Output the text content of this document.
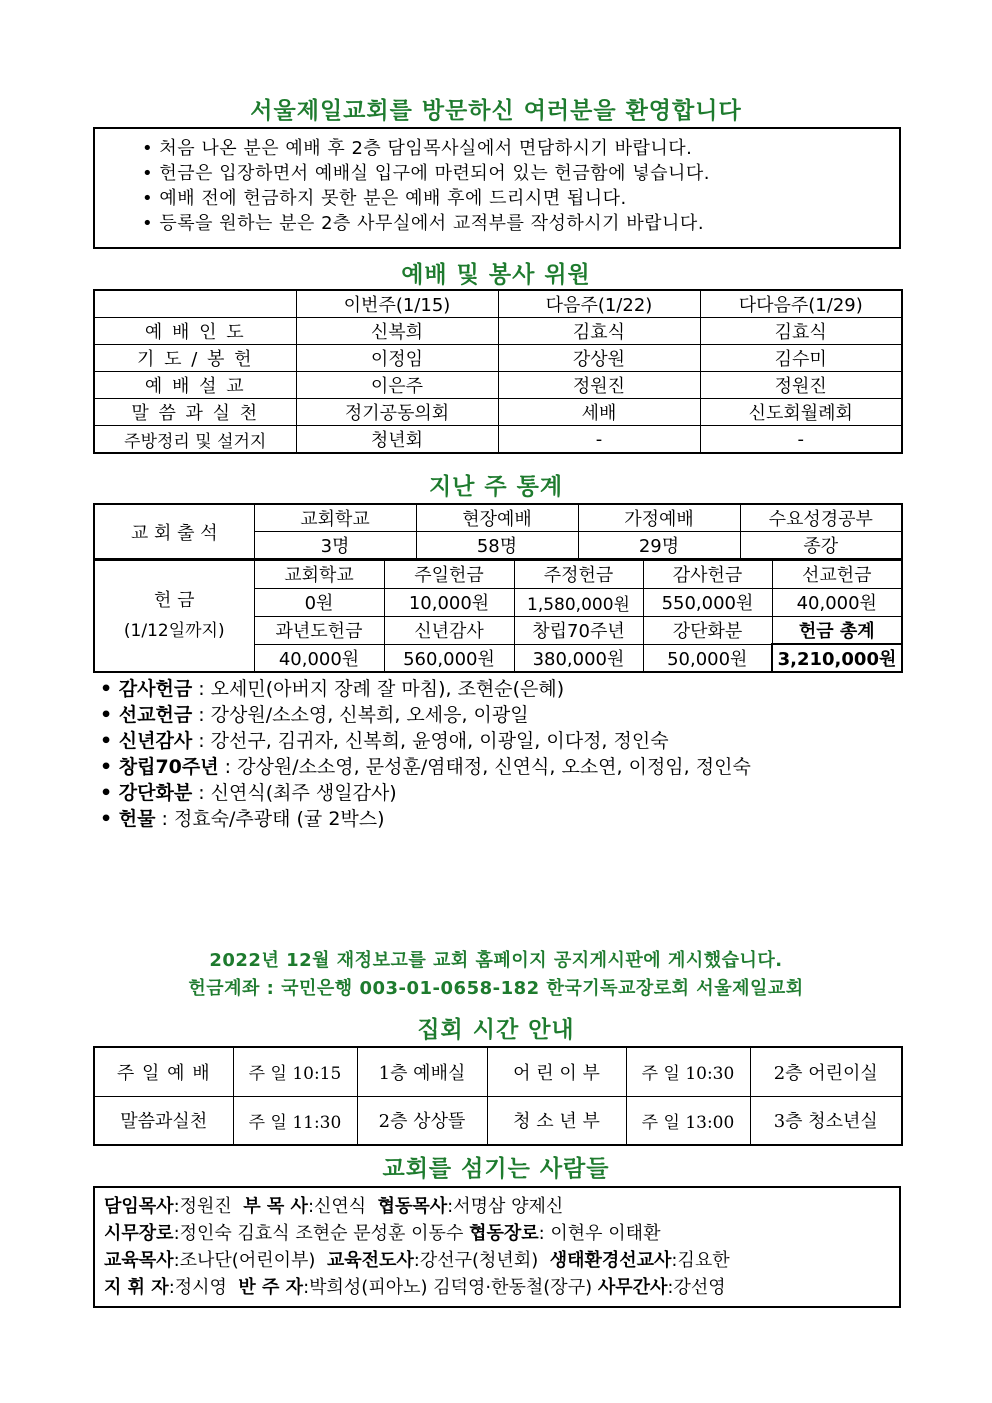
서울제일교회를 방문하신 여러분을 환영합니다
• 처음 나온 분은 예배 후 2층 담임목사실에서 면담하시기 바랍니다.
• 헌금은 입장하면서 예배실 입구에 마련되어 있는 헌금함에 넣습니다.
• 예배 전에 헌금하지 못한 분은 예배 후에 드리시면 됩니다.
• 등록을 원하는 분은 2층 사무실에서 교적부를 작성하시기 바랍니다.
예배 및 봉사 위원
	이번주(1/15)	다음주(1/22)	다다음주(1/29)
예 배 인 도	신복희	김효식	김효식
기 도 / 봉 헌	이정임	강상원	김수미
예 배 설 교	이은주	정원진	정원진
말 씀 과 실 천	정기공동의회	세배	신도회월례회
주방정리 및 설거지	청년회	-	-
지난 주 통계
교 회 출 석	교회학교	현장예배	가정예배	수요성경공부
	3명	58명	29명	종강
헌 금
(1/12일까지)	교회학교	주일헌금	주정헌금	감사헌금	선교헌금
	0원	10,000원	1,580,000원	550,000원	40,000원
	과년도헌금	신년감사	창립70주년	강단화분	헌금 총계
	40,000원	560,000원	380,000원	50,000원	3,210,000원
• 감사헌금 : 오세민(아버지 장례 잘 마침), 조현순(은혜)
• 선교헌금 : 강상원/소소영, 신복희, 오세응, 이광일
• 신년감사 : 강선구, 김귀자, 신복희, 윤영애, 이광일, 이다정, 정인숙
• 창립70주년 : 강상원/소소영, 문성훈/염태정, 신연식, 오소연, 이정임, 정인숙
• 강단화분 : 신연식(최주 생일감사)
• 헌물 : 정효숙/추광태 (귤 2박스)
2022년 12월 재정보고를 교회 홈페이지 공지게시판에 게시했습니다.
헌금계좌 : 국민은행 003-01-0658-182 한국기독교장로회 서울제일교회
집회 시간 안내
주 일 예 배	주 일 10:15	1층 예배실	어 린 이 부	주 일 10:30	2층 어린이실
말씀과실천	주 일 11:30	2층 상상뜰	청 소 년 부	주 일 13:00	3층 청소년실
교회를 섬기는 사람들
담임목사:정원진  부 목 사:신연식  협동목사:서명삼 양제신
시무장로:정인숙 김효식 조현순 문성훈 이동수 협동장로: 이현우 이태환
교육목사:조나단(어린이부)  교육전도사:강선구(청년회)  생태환경선교사:김요한
지 휘 자:정시영  반 주 자:박희성(피아노) 김덕영·한동철(장구) 사무간사:강선영
